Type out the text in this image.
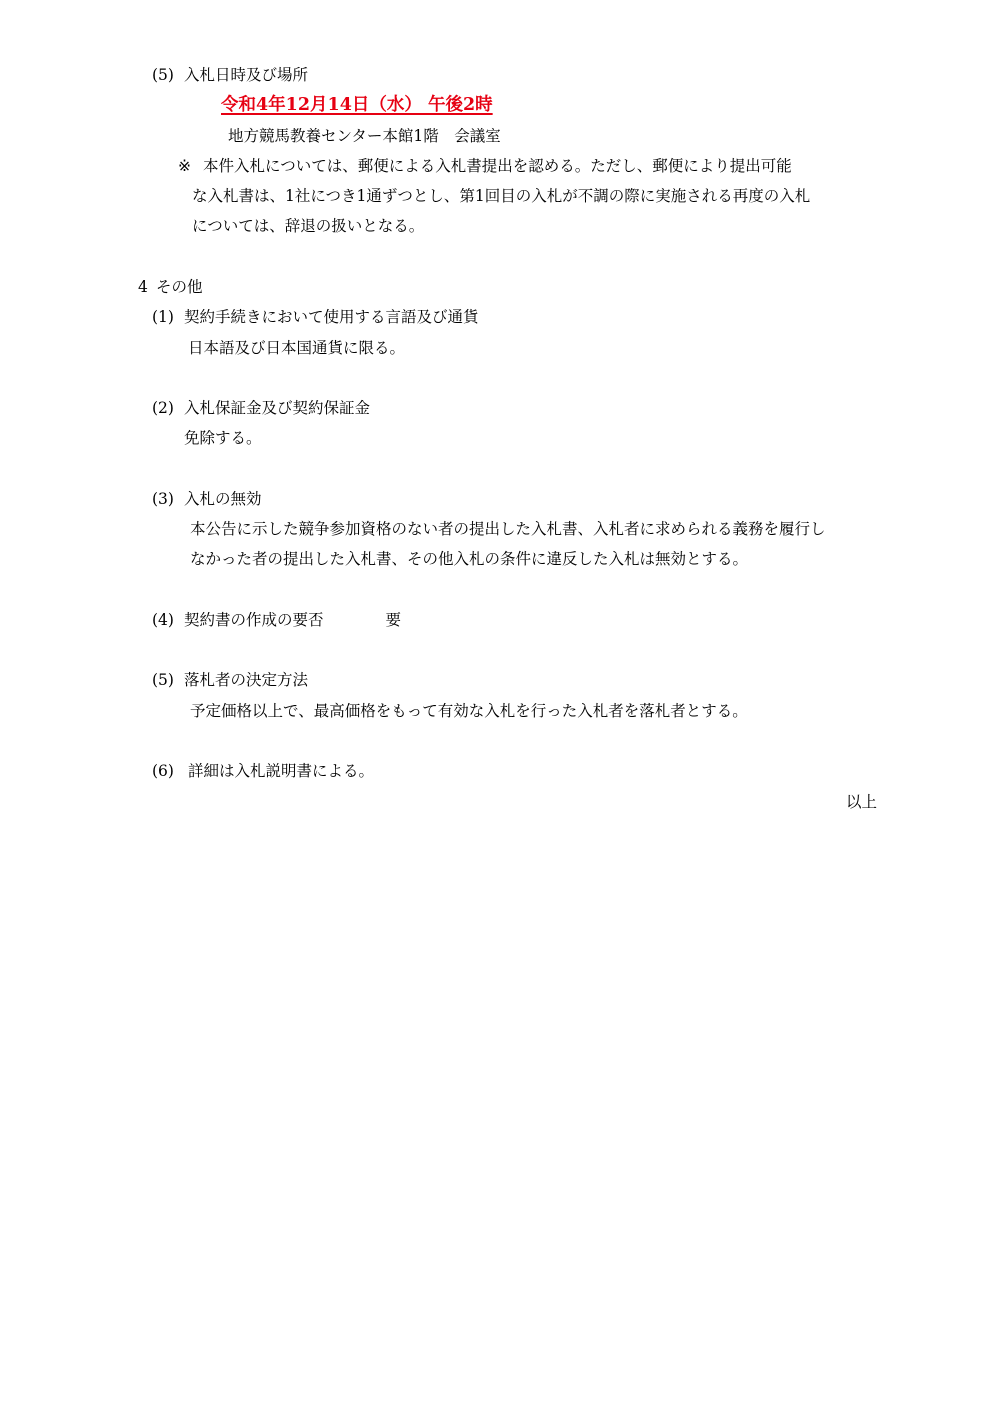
(5) 入札日時及び場所
令和4年12月14日（水） 午後2時
地方競馬教養センター本館1階　会議室
※ 本件入札については、郵便による入札書提出を認める。ただし、郵便により提出可能
な入札書は、1社につき1通ずつとし、第1回目の入札が不調の際に実施される再度の入札
については、辞退の扱いとなる。
4 その他
(1) 契約手続きにおいて使用する言語及び通貨
日本語及び日本国通貨に限る。
(2) 入札保証金及び契約保証金
免除する。
(3) 入札の無効
本公告に示した競争参加資格のない者の提出した入札書、入札者に求められる義務を履行し
なかった者の提出した入札書、その他入札の条件に違反した入札は無効とする。
(4) 契約書の作成の要否	要
(5) 落札者の決定方法
予定価格以上で、最高価格をもって有効な入札を行った入札者を落札者とする。
(6) 詳細は入札説明書による。
以上
